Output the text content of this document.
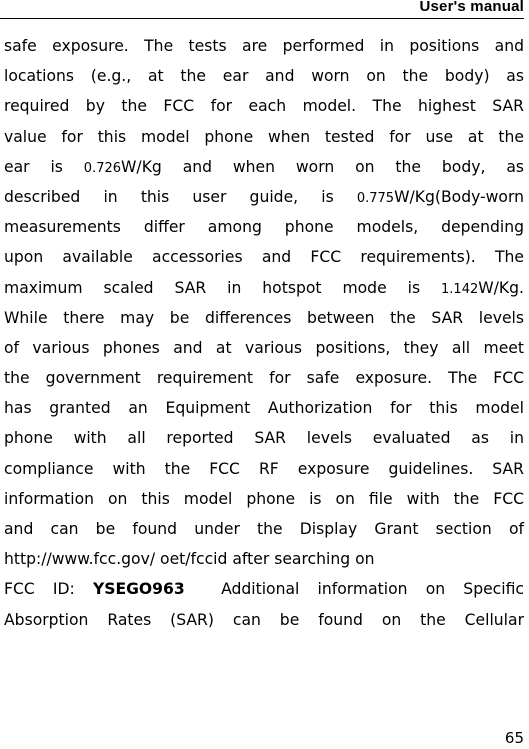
User's manual
safe exposure. The tests are performed in positions and
locations (e.g., at the ear and worn on the body) as
required by the FCC for each model. The highest SAR
value for this model phone when tested for use at the
ear is 0.726W/Kg and when worn on the body, as
described in this user guide, is 0.775W/Kg(Body-worn
measurements differ among phone models, depending
upon available accessories and FCC requirements). The
maximum scaled SAR in hotspot mode is 1.142W/Kg.
While there may be differences between the SAR levels
of various phones and at various positions, they all meet
the government requirement for safe exposure. The FCC
has granted an Equipment Authorization for this model
phone with all reported SAR levels evaluated as in
compliance with the FCC RF exposure guidelines. SAR
information on this model phone is on file with the FCC
and can be found under the Display Grant section of
http://www.fcc.gov/ oet/fccid after searching on
FCC ID: YSEGO963  Additional information on Specific
Absorption Rates (SAR) can be found on the Cellular
65
